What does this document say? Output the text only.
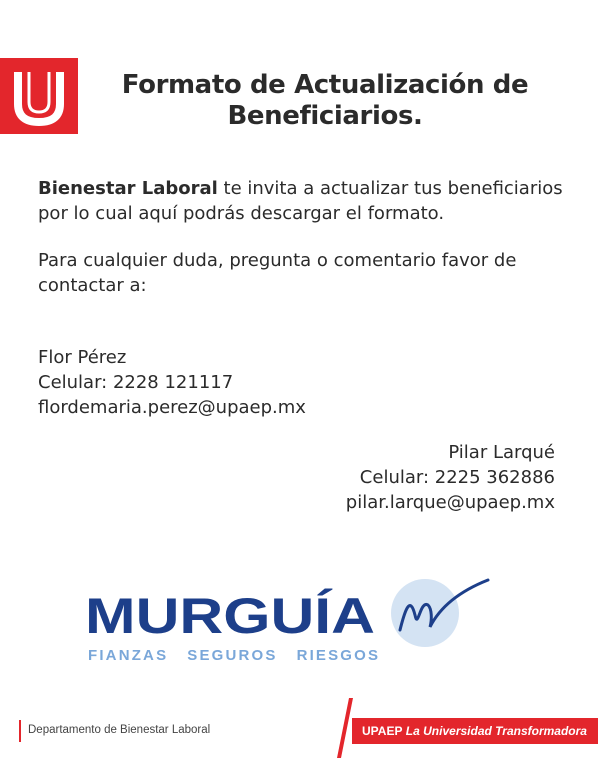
Formato de Actualización de
Beneficiarios.
Bienestar Laboral te invita a actualizar tus beneficiarios
por lo cual aquí podrás descargar el formato.
Para cualquier duda, pregunta o comentario favor de
contactar a:
Flor Pérez
Celular: 2228 121117
flordemaria.perez@upaep.mx
Pilar Larqué
Celular: 2225 362886
pilar.larque@upaep.mx
MURGUÍA
FIANZAS   SEGUROS   RIESGOS
Departamento de Bienestar Laboral	UPAEP La Universidad Transformadora
